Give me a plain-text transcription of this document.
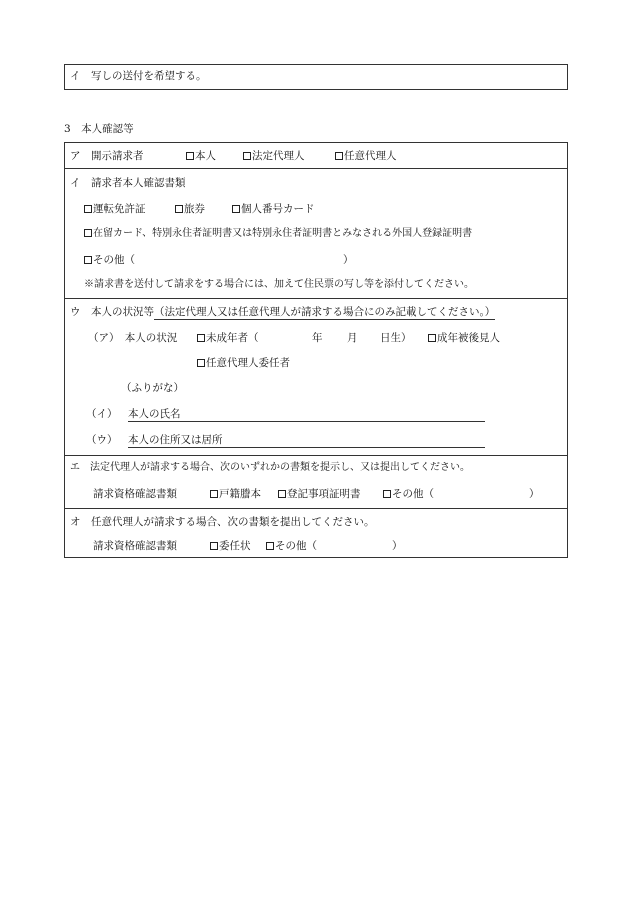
イ　写しの送付を希望する。
3　本人確認等
ア　開示請求者	本人	法定代理人	任意代理人
イ　請求者本人確認書類
運転免許証	旅券	個人番号カード
在留カード、特別永住者証明書又は特別永住者証明書とみなされる外国人登録証明書
その他（	）
※請求書を送付して請求をする場合には、加えて住民票の写し等を添付してください。
ウ　本人の状況等（法定代理人又は任意代理人が請求する場合にのみ記載してください。）
（ア）　本人の状況	未成年者（	年 月 日生）	成年被後見人
任意代理人委任者
（ふりがな）
（イ） 本人の氏名
（ウ） 本人の住所又は居所
エ　法定代理人が請求する場合、次のいずれかの書類を提示し、又は提出してください。
請求資格確認書類	戸籍謄本	登記事項証明書	その他（	）
オ　任意代理人が請求する場合、次の書類を提出してください。
請求資格確認書類	委任状	その他（	）
